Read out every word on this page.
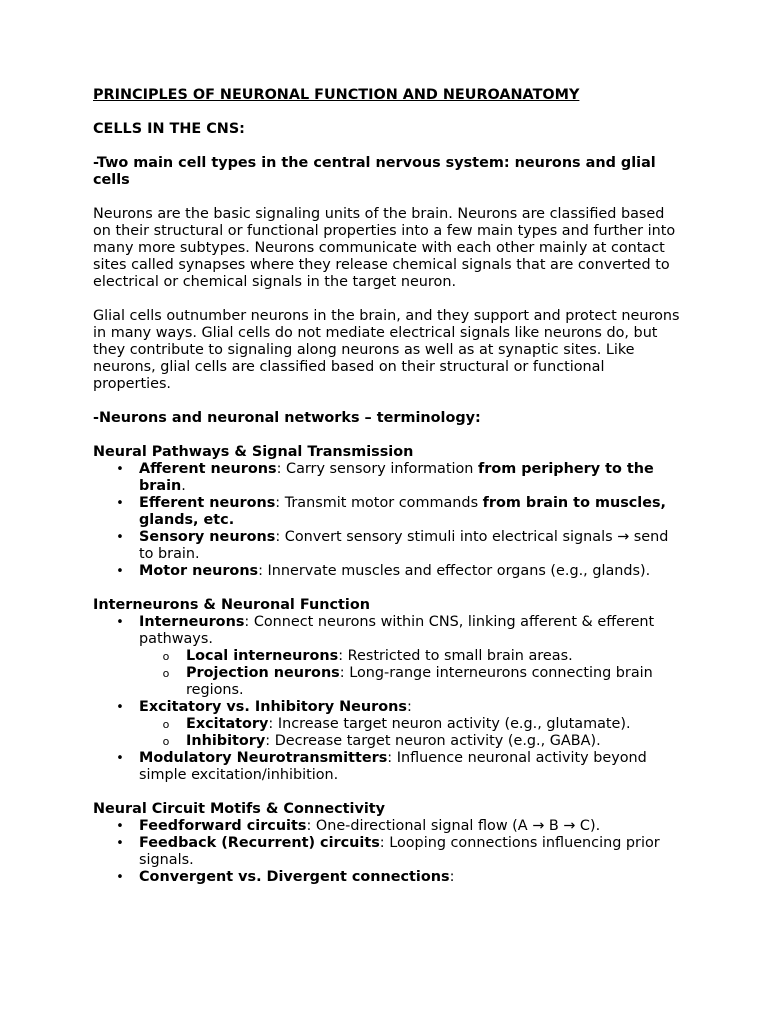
PRINCIPLES OF NEURONAL FUNCTION AND NEUROANATOMY

CELLS IN THE CNS:

-Two main cell types in the central nervous system: neurons and glial cells

Neurons are the basic signaling units of the brain. Neurons are classified based on their structural or functional properties into a few main types and further into many more subtypes. Neurons communicate with each other mainly at contact sites called synapses where they release chemical signals that are converted to electrical or chemical signals in the target neuron.

Glial cells outnumber neurons in the brain, and they support and protect neurons in many ways. Glial cells do not mediate electrical signals like neurons do, but they contribute to signaling along neurons as well as at synaptic sites. Like neurons, glial cells are classified based on their structural or functional properties.

-Neurons and neuronal networks – terminology:

Neural Pathways & Signal Transmission

• Afferent neurons: Carry sensory information from periphery to the brain.
• Efferent neurons: Transmit motor commands from brain to muscles, glands, etc.
• Sensory neurons: Convert sensory stimuli into electrical signals → send to brain.
• Motor neurons: Innervate muscles and effector organs (e.g., glands).

Interneurons & Neuronal Function

• Interneurons: Connect neurons within CNS, linking afferent & efferent pathways.
o Local interneurons: Restricted to small brain areas.
o Projection neurons: Long-range interneurons connecting brain regions.
• Excitatory vs. Inhibitory Neurons:
o Excitatory: Increase target neuron activity (e.g., glutamate).
o Inhibitory: Decrease target neuron activity (e.g., GABA).
• Modulatory Neurotransmitters: Influence neuronal activity beyond simple excitation/inhibition.

Neural Circuit Motifs & Connectivity

• Feedforward circuits: One-directional signal flow (A → B → C).
• Feedback (Recurrent) circuits: Looping connections influencing prior signals.
• Convergent vs. Divergent connections:
